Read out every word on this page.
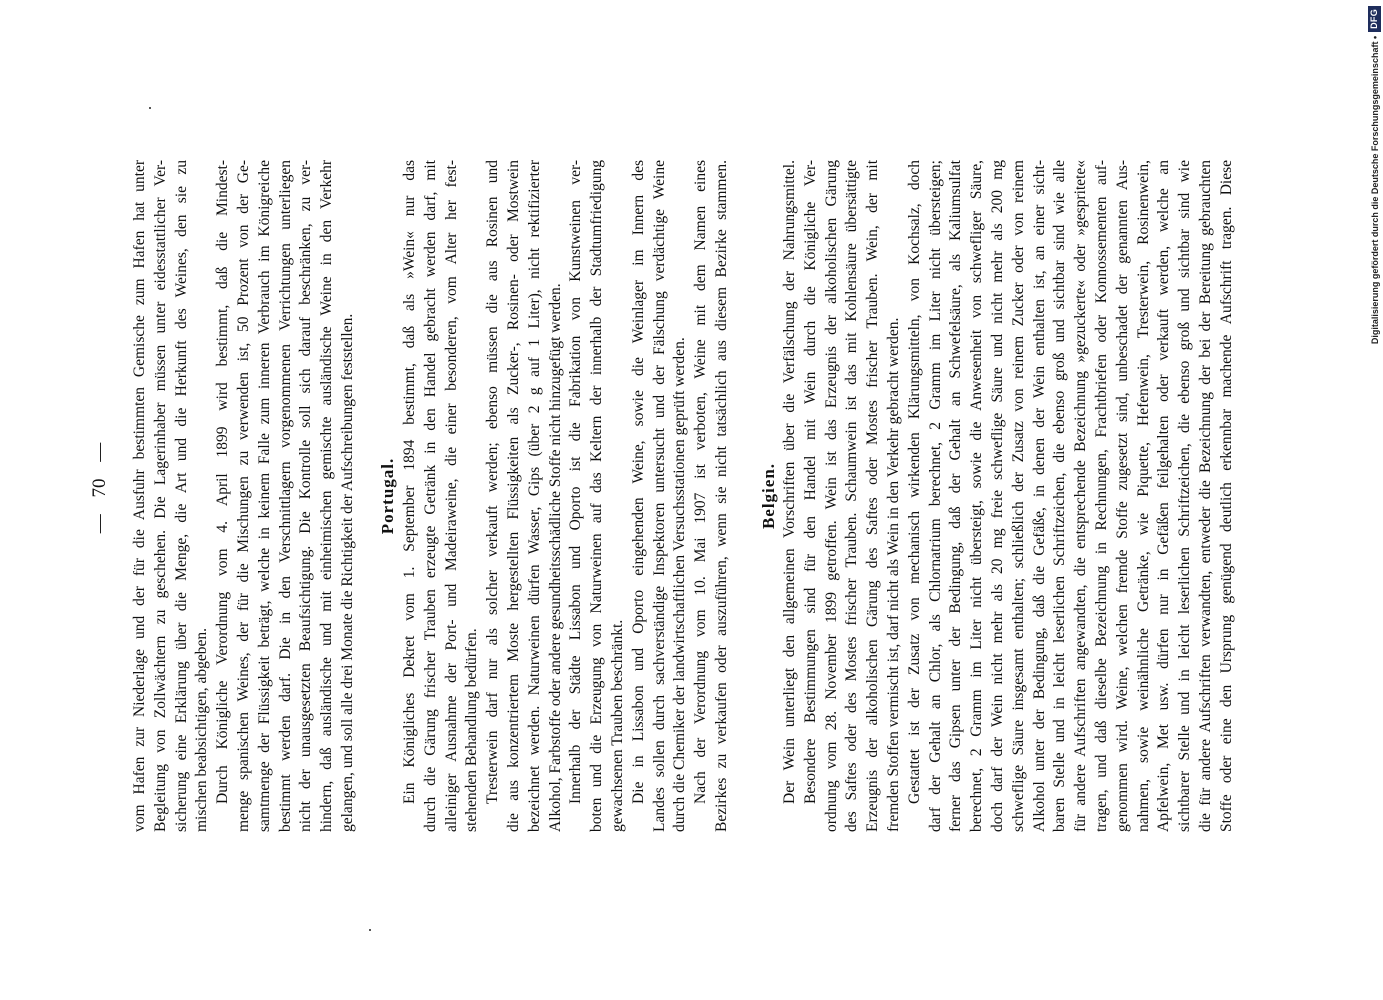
— 70 — vom Hafen zur Niederlage und der für die Ausfuhr bestimmten Gemische zum Hafen hat unter Begleitung von Zollwächtern zu geschehen. Die Lagerinhaber müssen unter eidesstattlicher Ver- sicherung eine Erklärung über die Menge, die Art und die Herkunft des Weines, den sie zu mischen beabsichtigen, abgeben. Durch Königliche Verordnung vom 4. April 1899 wird bestimmt, daß die Mindest- menge spanischen Weines, der für die Mischungen zu verwenden ist, 50 Prozent von der Ge- samtmenge der Flüssigkeit beträgt, welche in keinem Falle zum inneren Verbrauch im Königreiche bestimmt werden darf. Die in den Verschnittlagern vorgenommenen Verrichtungen unterliegen nicht der unausgesetzten Beaufsichtigung. Die Kontrolle soll sich darauf beschränken, zu ver- hindern, daß ausländische und mit einheimischen gemischte ausländische Weine in den Verkehr gelangen, und soll alle drei Monate die Richtigkeit der Aufschreibungen feststellen. Portugal. Ein Königliches Dekret vom 1. September 1894 bestimmt, daß als »Wein« nur das durch die Gärung frischer Trauben erzeugte Getränk in den Handel gebracht werden darf, mit alleiniger Ausnahme der Port- und Madeiraweine, die einer besonderen, vom Alter her fest- stehenden Behandlung bedürfen. Tresterwein darf nur als solcher verkauft werden; ebenso müssen die aus Rosinen und die aus konzentriertem Moste hergestellten Flüssigkeiten als Zucker-, Rosinen- oder Mostwein bezeichnet werden. Naturweinen dürfen Wasser, Gips (über 2 g auf 1 Liter), nicht rektifizierter Alkohol, Farbstoffe oder andere gesundheitsschädliche Stoffe nicht hinzugefügt werden. Innerhalb der Städte Lissabon und Oporto ist die Fabrikation von Kunstweinen ver- boten und die Erzeugung von Naturweinen auf das Keltern der innerhalb der Stadtumfriedigung gewachsenen Trauben beschränkt. Die in Lissabon und Oporto eingehenden Weine, sowie die Weinlager im Innern des Landes sollen durch sachverständige Inspektoren untersucht und der Fälschung verdächtige Weine durch die Chemiker der landwirtschaftlichen Versuchsstationen geprüft werden. Nach der Verordnung vom 10. Mai 1907 ist verboten, Weine mit dem Namen eines Bezirkes zu verkaufen oder auszuführen, wenn sie nicht tatsächlich aus diesem Bezirke stammen. Belgien. Der Wein unterliegt den allgemeinen Vorschriften über die Verfälschung der Nahrungsmittel. Besondere Bestimmungen sind für den Handel mit Wein durch die Königliche Ver- ordnung vom 28. November 1899 getroffen. Wein ist das Erzeugnis der alkoholischen Gärung des Saftes oder des Mostes frischer Trauben. Schaumwein ist das mit Kohlensäure übersättigte Erzeugnis der alkoholischen Gärung des Saftes oder Mostes frischer Trauben. Wein, der mit fremden Stoffen vermischt ist, darf nicht als Wein in den Verkehr gebracht werden. Gestattet ist der Zusatz von mechanisch wirkenden Klärungsmitteln, von Kochsalz, doch darf der Gehalt an Chlor, als Chlornatrium berechnet, 2 Gramm im Liter nicht übersteigen; ferner das Gipsen unter der Bedingung, daß der Gehalt an Schwefelsäure, als Kaliumsulfat berechnet, 2 Gramm im Liter nicht übersteigt, sowie die Anwesenheit von schwefliger Säure, doch darf der Wein nicht mehr als 20 mg freie schweflige Säure und nicht mehr als 200 mg schweflige Säure insgesamt enthalten; schließlich der Zusatz von reinem Zucker oder von reinem Alkohol unter der Bedingung, daß die Gefäße, in denen der Wein enthalten ist, an einer sicht- baren Stelle und in leicht leserlichen Schriftzeichen, die ebenso groß und sichtbar sind wie alle für andere Aufschriften angewandten, die entsprechende Bezeichnung »gezuckerte« oder »gespritete« tragen, und daß dieselbe Bezeichnung in Rechnungen, Frachtbriefen oder Konnossementen auf- genommen wird. Weine, welchen fremde Stoffe zugesetzt sind, unbeschadet der genannten Aus- nahmen, sowie weinähnliche Getränke, wie Piquette, Hefenwein, Tresterwein, Rosinenwein, Apfelwein, Met usw. dürfen nur in Gefäßen feilgehalten oder verkauft werden, welche an sichtbarer Stelle und in leicht leserlichen Schriftzeichen, die ebenso groß und sichtbar sind wie die für andere Aufschriften verwandten, entweder die Bezeichnung der bei der Bereitung gebrauchten Stoffe oder eine den Ursprung genügend deutlich erkennbar machende Aufschrift tragen. Diese	Digitalisierung gefördert durch die Deutsche Forschungsgemeinschaft •
DFG
